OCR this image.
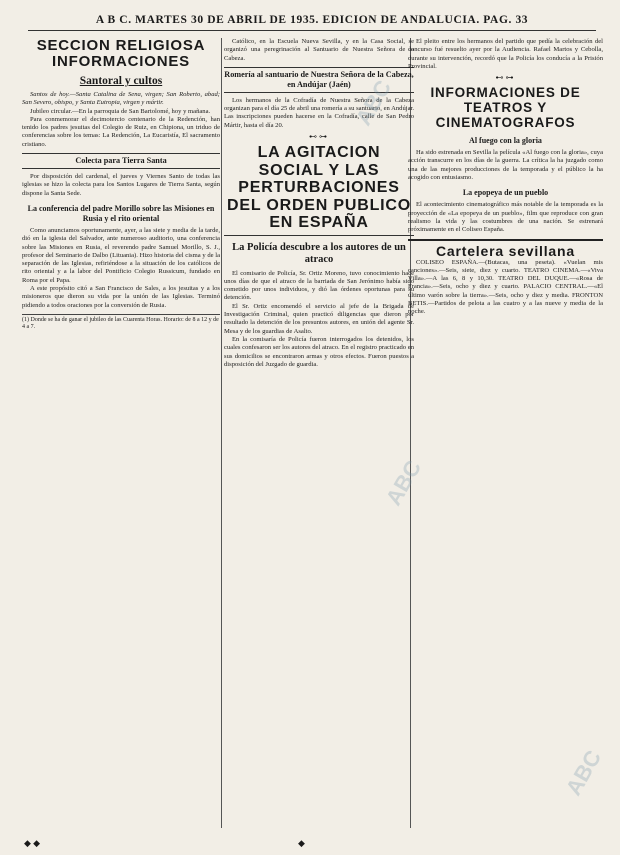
A B C. MARTES 30 DE ABRIL DE 1935. EDICION DE ANDALUCIA. PAG. 33
SECCION RELIGIOSA INFORMACIONES
Santoral y cultos

Santos de hoy.—Santa Catalina de Sena, virgen; San Roberto, abad; San Severo, obispo, y Santa Eutropia, virgen y mártir.

Jubileo circular.—En la parroquia de San Bartolomé, hoy y mañana.

Para conmemorar el decimotercio centenario de la Redención, han tenido los padres jesuitas del Colegio de Ruiz, en Chipiona, un triduo de conferencias sobre los temas: La Redención, La Eucaristía, El sacramento cristiano.

Colecta para Tierra Santa

Por disposición del cardenal, el jueves y Viernes Santo de todas las iglesias se hizo la colecta para los Santos Lugares de Tierra Santa, según dispone la Santa Sede.

La conferencia del padre Morillo sobre las Misiones en Rusia y el rito oriental

Como anunciamos oportunamente, ayer, a las siete y media de la tarde, dió en la iglesia del Salvador, ante numeroso auditorio, una conferencia sobre las Misiones en Rusia, el reverendo padre Samuel Morillo, S. J., profesor del Seminario de Dalbo (Lituania). Hizo historia del cisma y de la separación de las Iglesias, refiriéndose a la situación de los católicos de rito oriental y a la labor del Pontificio Colegio Russicum, fundado en Roma por el Papa.

A este propósito citó a San Francisco de Sales, a los jesuitas y a los misioneros que dieron su vida por la unión de las Iglesias. Terminó pidiendo a todos oraciones por la conversión de Rusia.

(1) Donde se ha de ganar el jubileo de las Cuarenta Horas. Horario: de 8 a 12 y de 4 a 7.

Católico, en la Escuela Nueva Sevilla, y en la Casa Social, se organizó una peregrinación al Santuario de Nuestra Señora de la Cabeza.

Romería al santuario de Nuestra Señora de la Cabeza, en Andújar (Jaén)

Los hermanos de la Cofradía de Nuestra Señora de la Cabeza organizan para el día 25 de abril una romería a su santuario, en Andújar. Las inscripciones pueden hacerse en la Cofradía, calle de San Pedro Mártir, hasta el día 20.

⊷⊶
LA AGITACION SOCIAL Y LAS PERTURBACIONES DEL ORDEN PUBLICO EN ESPAÑA
La Policía descubre a los autores de un atraco

El comisario de Policía, Sr. Ortiz Moreno, tuvo conocimiento hace unos días de que el atraco de la barriada de San Jerónimo había sido cometido por unos individuos, y dió las órdenes oportunas para su detención.

El Sr. Ortiz encomendó el servicio al jefe de la Brigada de Investigación Criminal, quien practicó diligencias que dieron por resultado la detención de los presuntos autores, en unión del agente Sr. Mesa y de los guardias de Asalto.

En la comisaría de Policía fueron interrogados los detenidos, los cuales confesaron ser los autores del atraco. En el registro practicado en sus domicilios se encontraron armas y otros efectos. Fueron puestos a disposición del Juzgado de guardia.

El pleito entre los hermanos del partido que pedía la celebración del concurso fué resuelto ayer por la Audiencia. Rafael Martos y Cebolla, durante su intervención, recordó que la Policía los conducía a la Prisión Provincial.

⊷⊶
INFORMACIONES DE TEATROS Y CINEMATOGRAFOS
Al fuego con la gloria

Ha sido estrenada en Sevilla la película «Al fuego con la gloria», cuya acción transcurre en los días de la guerra. La crítica la ha juzgado como una de las mejores producciones de la temporada y el público la ha acogido con entusiasmo.

La epopeya de un pueblo

El acontecimiento cinematográfico más notable de la temporada es la proyección de «La epopeya de un pueblo», film que reproduce con gran realismo la vida y las costumbres de una nación. Se estrenará próximamente en el Coliseo España.

Cartelera sevillana

COLISEO ESPAÑA.—(Butacas, una peseta). «Vuelan mis canciones».—Seis, siete, diez y cuarto. TEATRO CINEMA.—«Viva Villa».—A las 6, 8 y 10,30. TEATRO DEL DUQUE.—«Rosa de Francia».—Seis, ocho y diez y cuarto. PALACIO CENTRAL.—«El último varón sobre la tierra».—Seis, ocho y diez y media. FRONTON BETIS.—Partidos de pelota a las cuatro y a las nueve y media de la noche.

ABC
ABC
ABC
◆ ◆	◆
